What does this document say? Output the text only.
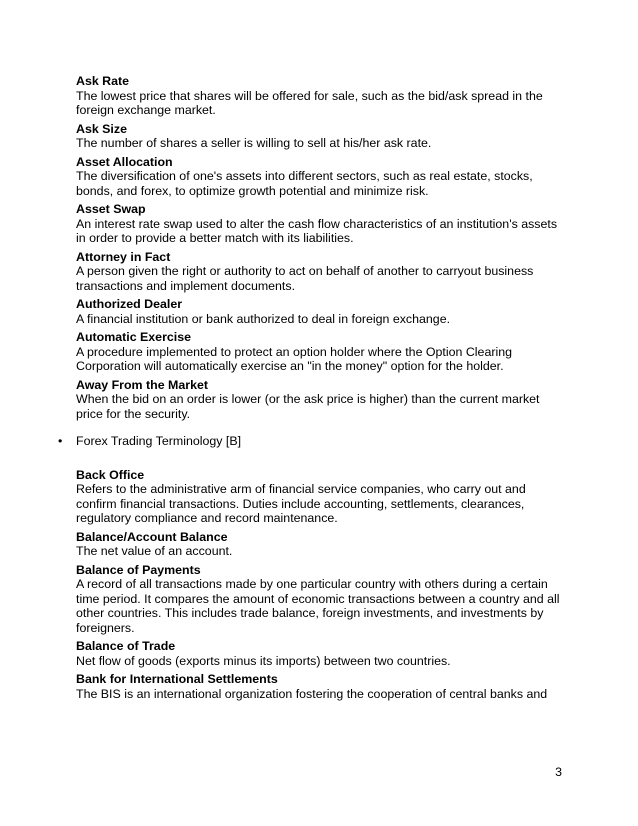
Ask Rate
The lowest price that shares will be offered for sale, such as the bid/ask spread in the foreign exchange market.
Ask Size
The number of shares a seller is willing to sell at his/her ask rate.
Asset Allocation
The diversification of one's assets into different sectors, such as real estate, stocks, bonds, and forex, to optimize growth potential and minimize risk.
Asset Swap
An interest rate swap used to alter the cash flow characteristics of an institution's assets in order to provide a better match with its liabilities.
Attorney in Fact
A person given the right or authority to act on behalf of another to carryout business transactions and implement documents.
Authorized Dealer
A financial institution or bank authorized to deal in foreign exchange.
Automatic Exercise
A procedure implemented to protect an option holder where the Option Clearing Corporation will automatically exercise an "in the money" option for the holder.
Away From the Market
When the bid on an order is lower (or the ask price is higher) than the current market price for the security.
• Forex Trading Terminology [B]
Back Office
Refers to the administrative arm of financial service companies, who carry out and confirm financial transactions. Duties include accounting, settlements, clearances, regulatory compliance and record maintenance.
Balance/Account Balance
The net value of an account.
Balance of Payments
A record of all transactions made by one particular country with others during a certain time period. It compares the amount of economic transactions between a country and all other countries. This includes trade balance, foreign investments, and investments by foreigners.
Balance of Trade
Net flow of goods (exports minus its imports) between two countries.
Bank for International Settlements
The BIS is an international organization fostering the cooperation of central banks and
3
